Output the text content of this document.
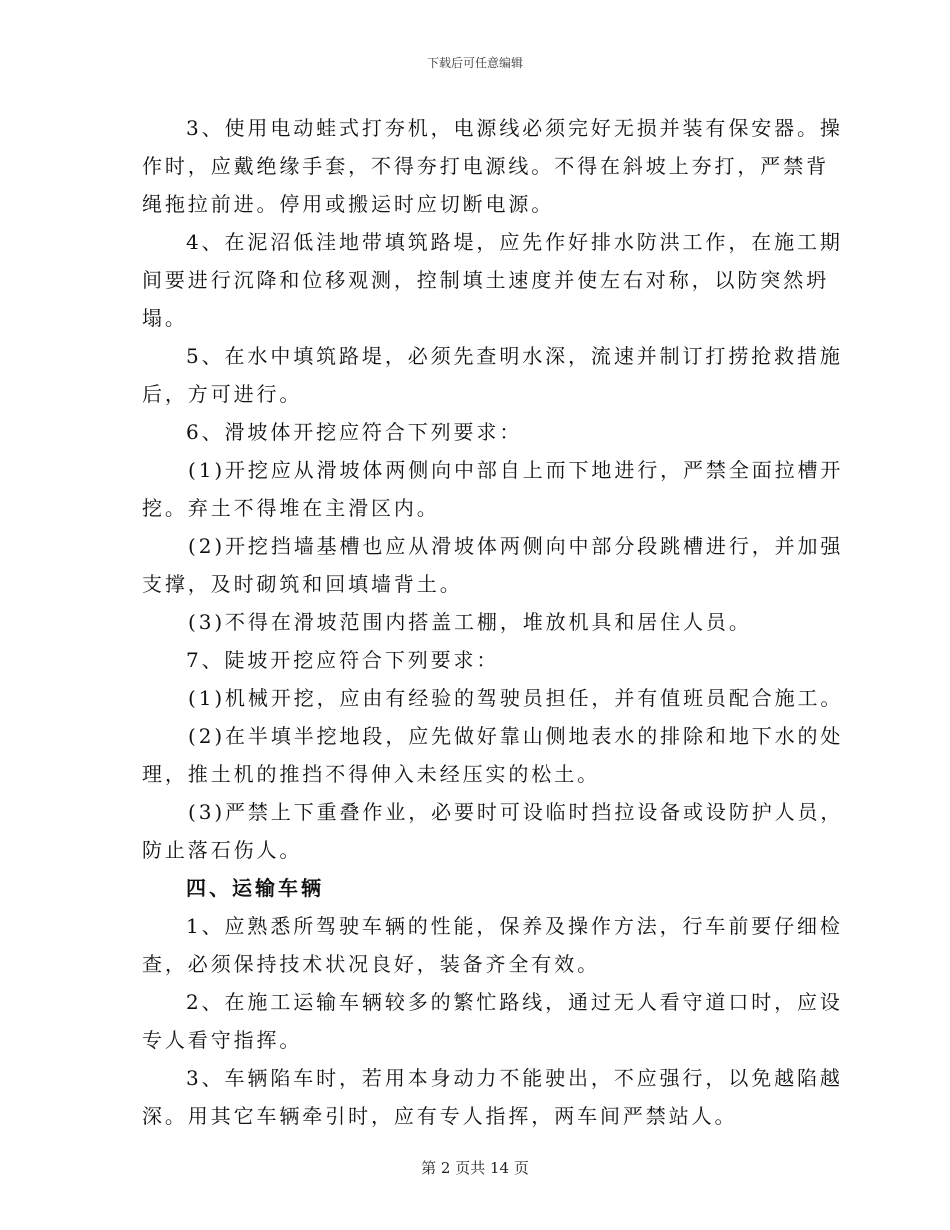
下载后可任意编辑

3、使用电动蛙式打夯机，电源线必须完好无损并装有保安器。操
作时，应戴绝缘手套，不得夯打电源线。不得在斜坡上夯打，严禁背
绳拖拉前进。停用或搬运时应切断电源。

4、在泥沼低洼地带填筑路堤，应先作好排水防洪工作，在施工期
间要进行沉降和位移观测，控制填土速度并使左右对称，以防突然坍
塌。

5、在水中填筑路堤，必须先查明水深，流速并制订打捞抢救措施
后，方可进行。

6、滑坡体开挖应符合下列要求：

(1)开挖应从滑坡体两侧向中部自上而下地进行，严禁全面拉槽开
挖。弃土不得堆在主滑区内。

(2)开挖挡墙基槽也应从滑坡体两侧向中部分段跳槽进行，并加强
支撑，及时砌筑和回填墙背土。

(3)不得在滑坡范围内搭盖工棚，堆放机具和居住人员。

7、陡坡开挖应符合下列要求：

(1)机械开挖，应由有经验的驾驶员担任，并有值班员配合施工。

(2)在半填半挖地段，应先做好靠山侧地表水的排除和地下水的处
理，推土机的推挡不得伸入未经压实的松土。

(3)严禁上下重叠作业，必要时可设临时挡拉设备或设防护人员，
防止落石伤人。

四、运输车辆

1、应熟悉所驾驶车辆的性能，保养及操作方法，行车前要仔细检
查，必须保持技术状况良好，装备齐全有效。

2、在施工运输车辆较多的繁忙路线，通过无人看守道口时，应设
专人看守指挥。

3、车辆陷车时，若用本身动力不能驶出，不应强行，以免越陷越
深。用其它车辆牵引时，应有专人指挥，两车间严禁站人。

第 2 页共 14 页
